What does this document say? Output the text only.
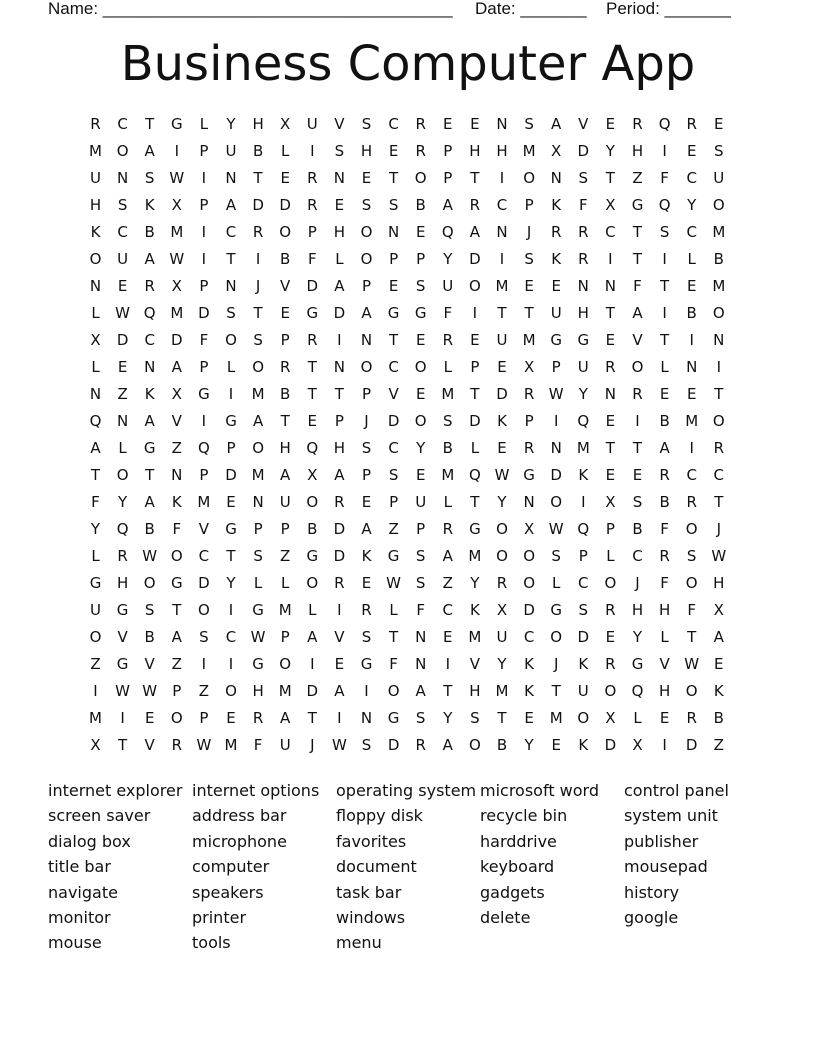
Name: _____________________________________ Date: _______ Period: _______
Business Computer App
R	C	T	G	L	Y	H	X	U	V	S	C	R	E	E	N	S	A	V	E	R	Q	R	E
M O	A	I	P	U	B	L	I	S	H	E	R	P	H	H M	X	D	Y	H	I	E	S
U	N	S W	I	N	T	E	R	N	E	T	O	P	T	I	O	N	S	T	Z	F	C	U
H	S	K	X	P	A	D	D	R	E	S	S	B	A	R	C	P	K	F	X	G	Q	Y	O
K	C	B	M	I	C	R	O	P	H	O	N	E	Q	A	N	J	R	R	C	T	S	C	M
O	U	A W	I	T	I	B	F	L	O	P	P	Y	D	I	S	K	R	I	T	I	L	B
N	E	R	X	P	N	J	V	D	A	P	E	S	U	O M	E	E	N	N	F	T	E	M
L	W Q M D	S	T	E	G	D	A	G	G	F	I	T	T	U	H	T	A	I	B	O
X	D	C	D	F	O	S	P	R	I	N	T	E	R	E	U	M G	G	E	V	T	I	N
L	E	N	A	P	L	O	R	T	N	O	C	O	L	P	E	X	P	U	R	O	L	N	I
N	Z	K	X	G	I	M	B	T	T	P	V	E	M	T	D	R W	Y	N	R	E	E	T
Q	N	A	V	I	G	A	T	E	P	J	D	O	S	D	K	P	I	Q	E	I	B	M O
A	L	G	Z	Q	P	O	H	Q	H	S	C	Y	B	L	E	R	N	M	T	T	A	I	R
T	O	T	N	P	D M	A	X	A	P	S	E	M Q W G	D	K	E	E	R	C	C
F	Y	A	K	M	E	N	U	O	R	E	P	U	L	T	Y	N	O	I	X	S	B	R	T
Y	Q	B	F	V	G	P	P	B	D	A	Z	P	R	G	O	X W Q	P	B	F	O	J
L	R W O	C	T	S	Z	G	D	K	G	S	A	M O	O	S	P	L	C	R	S W
G	H	O	G	D	Y	L	L	O	R	E W S	Z	Y	R	O	L	C	O	J	F	O	H
U	G	S	T	O	I	G M	L	I	R	L	F	C	K	X	D	G	S	R	H	H	F	X
O	V	B	A	S	C W	P	A	V	S	T	N	E	M	U	C	O	D	E	Y	L	T	A
Z	G	V	Z	I	I	G	O	I	E	G	F	N	I	V	Y	K	J	K	R	G	V W E
I	W W	P	Z	O	H M D	A	I	O	A	T	H M	K	T	U	O	Q	H	O	K
M	I	E	O	P	E	R	A	T	I	N	G	S	Y	S	T	E	M O	X	L	E	R	B
X	T	V	R W M	F	U	J	W S	D	R	A	O	B	Y	E	K	D	X	I	D	Z
internet explorer
screen saver
dialog box
title bar
navigate
monitor
mouse
internet options
address bar
microphone
computer
speakers
printer
tools
operating system
floppy disk
favorites
document
task bar
windows
menu
microsoft word
recycle bin
harddrive
keyboard
gadgets
delete
control panel
system unit
publisher
mousepad
history
google
